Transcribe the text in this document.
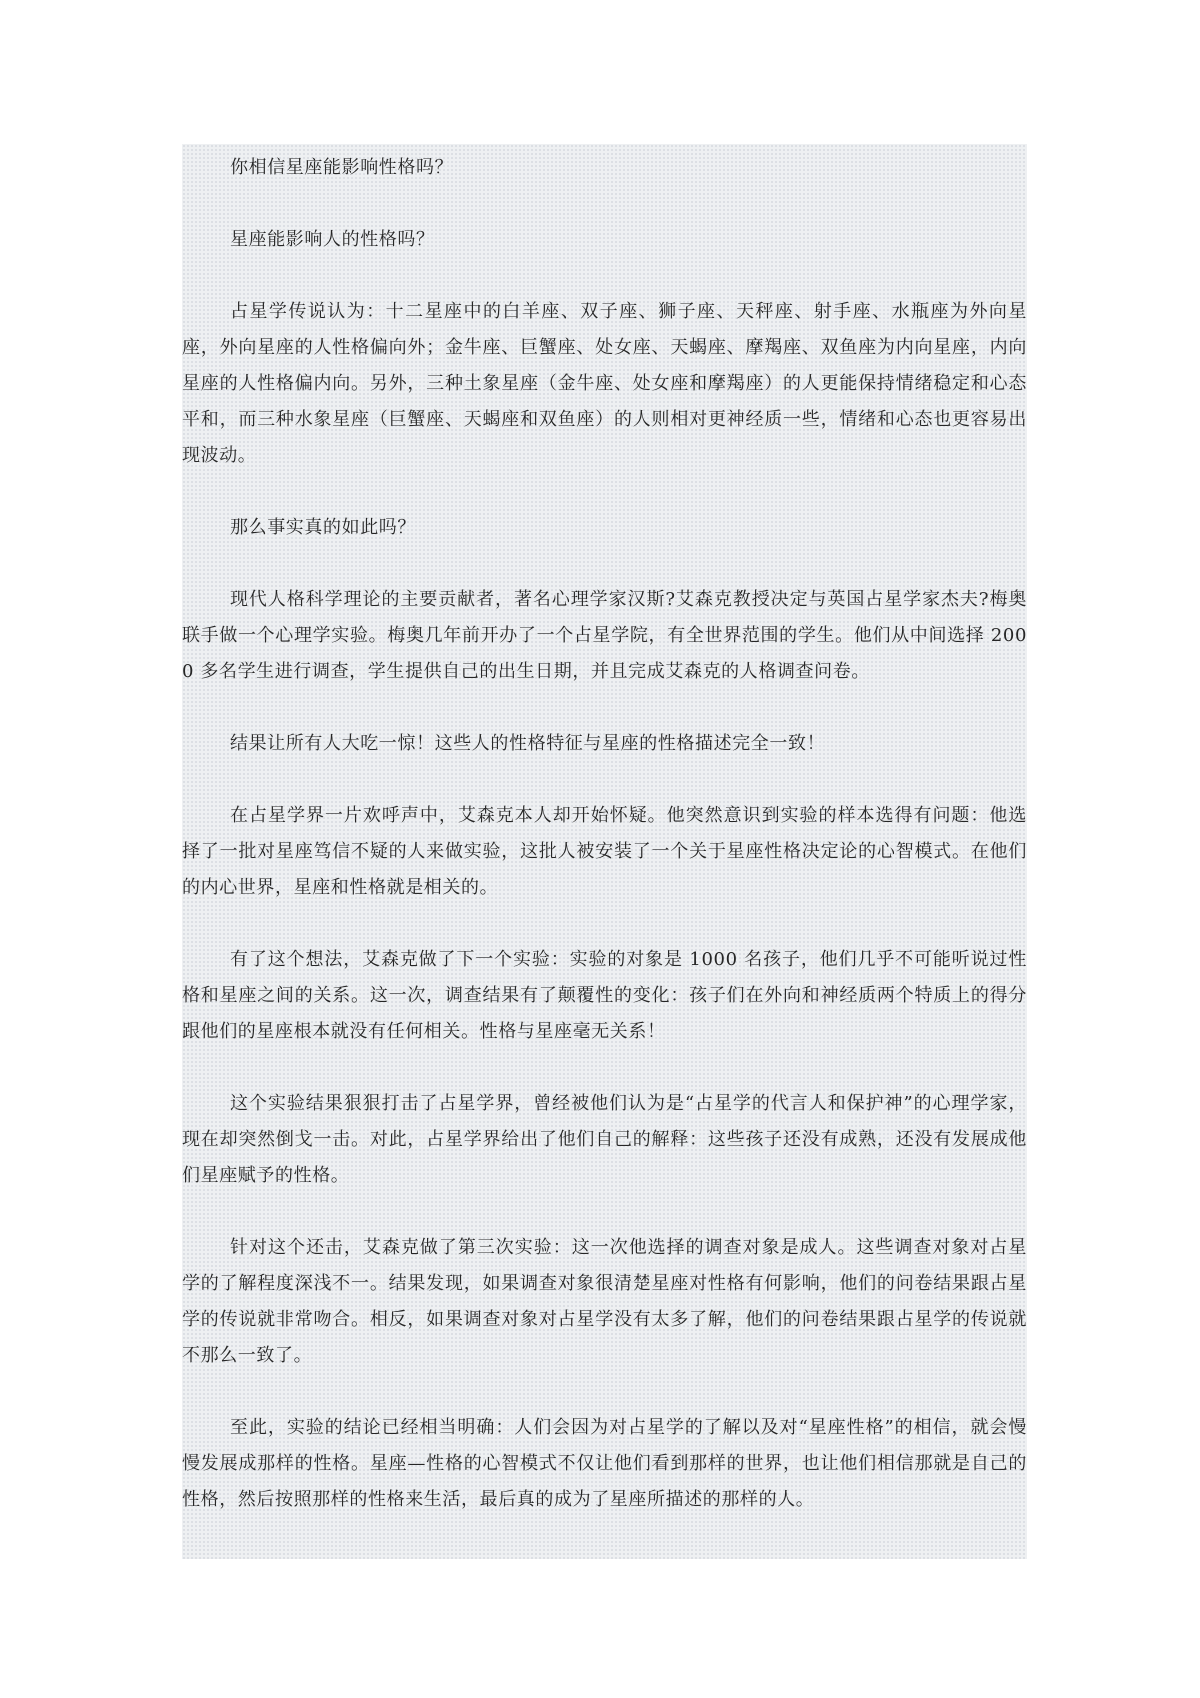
你相信星座能影响性格吗？

星座能影响人的性格吗？

占星学传说认为：十二星座中的白羊座、双子座、狮子座、天秤座、射手座、水瓶座为外向星座，外向星座的人性格偏向外；金牛座、巨蟹座、处女座、天蝎座、摩羯座、双鱼座为内向星座，内向星座的人性格偏内向。另外，三种土象星座（金牛座、处女座和摩羯座）的人更能保持情绪稳定和心态平和，而三种水象星座（巨蟹座、天蝎座和双鱼座）的人则相对更神经质一些，情绪和心态也更容易出现波动。

那么事实真的如此吗？

现代人格科学理论的主要贡献者，著名心理学家汉斯?艾森克教授决定与英国占星学家杰夫?梅奥联手做一个心理学实验。梅奥几年前开办了一个占星学院，有全世界范围的学生。他们从中间选择 2000 多名学生进行调查，学生提供自己的出生日期，并且完成艾森克的人格调查问卷。

结果让所有人大吃一惊！这些人的性格特征与星座的性格描述完全一致！

在占星学界一片欢呼声中，艾森克本人却开始怀疑。他突然意识到实验的样本选得有问题：他选择了一批对星座笃信不疑的人来做实验，这批人被安装了一个关于星座性格决定论的心智模式。在他们的内心世界，星座和性格就是相关的。

有了这个想法，艾森克做了下一个实验：实验的对象是 1000 名孩子，他们几乎不可能听说过性格和星座之间的关系。这一次，调查结果有了颠覆性的变化：孩子们在外向和神经质两个特质上的得分跟他们的星座根本就没有任何相关。性格与星座毫无关系！

这个实验结果狠狠打击了占星学界，曾经被他们认为是“占星学的代言人和保护神”的心理学家，现在却突然倒戈一击。对此，占星学界给出了他们自己的解释：这些孩子还没有成熟，还没有发展成他们星座赋予的性格。

针对这个还击，艾森克做了第三次实验：这一次他选择的调查对象是成人。这些调查对象对占星学的了解程度深浅不一。结果发现，如果调查对象很清楚星座对性格有何影响，他们的问卷结果跟占星学的传说就非常吻合。相反，如果调查对象对占星学没有太多了解，他们的问卷结果跟占星学的传说就不那么一致了。

至此，实验的结论已经相当明确：人们会因为对占星学的了解以及对“星座性格”的相信，就会慢慢发展成那样的性格。星座—性格的心智模式不仅让他们看到那样的世界，也让他们相信那就是自己的性格，然后按照那样的性格来生活，最后真的成为了星座所描述的那样的人。
